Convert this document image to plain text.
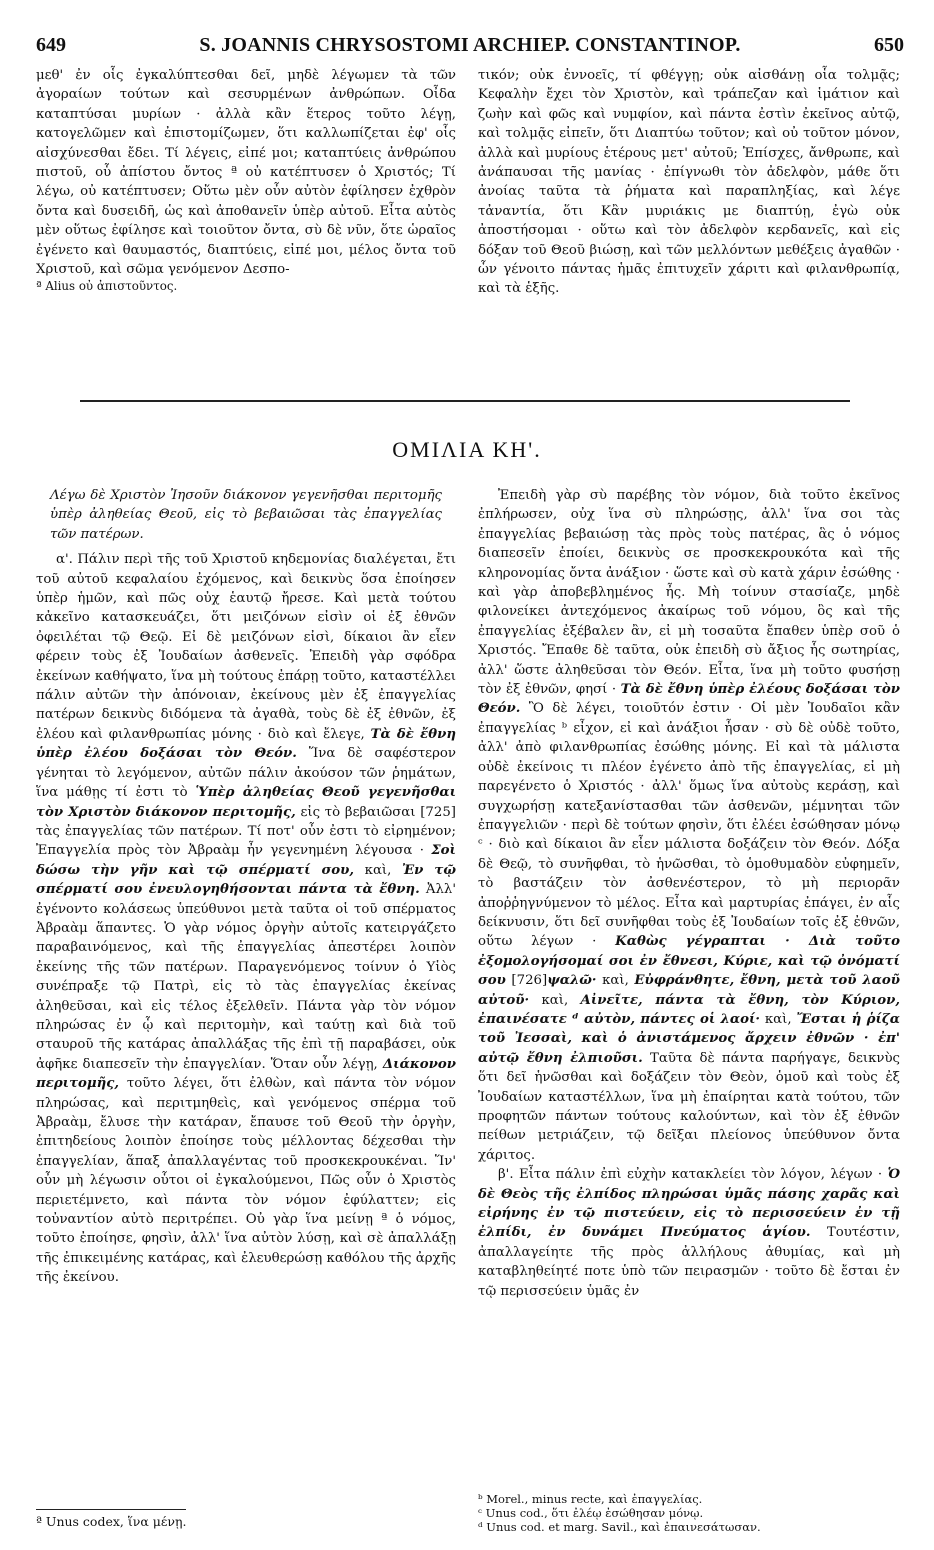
649	S. JOANNIS CHRYSOSTOMI ARCHIEP. CONSTANTINOP.	650

μεθ' ἐν οἷς ἐγκαλύπτεσθαι δεῖ, μηδὲ λέγωμεν τὰ τῶν ἀγοραίων τούτων καὶ σεσυρμένων ἀνθρώπων. Οἶδα καταπτύσαι μυρίων · ἀλλὰ κἂν ἕτερος τοῦτο λέγῃ, κατογελῶμεν καὶ ἐπιστομίζωμεν, ὅτι καλλωπίζεται ἐφ' οἷς αἰσχύνεσθαι ἔδει. Τί λέγεις, εἰπέ μοι; καταπτύεις ἀνθρώπου πιστοῦ, οὗ ἀπίστου ὄντος ª οὐ κατέπτυσεν ὁ Χριστός; Τί λέγω, οὐ κατέπτυσεν; Οὕτω μὲν οὖν αὐτὸν ἐφίλησεν ἐχθρὸν ὄντα καὶ δυσειδῆ, ὡς καὶ ἀποθανεῖν ὑπὲρ αὐτοῦ. Εἶτα αὐτὸς μὲν οὕτως ἐφίλησε καὶ τοιοῦτον ὄντα, σὺ δὲ νῦν, ὅτε ὡραῖος ἐγένετο καὶ θαυμαστός, διαπτύεις, εἰπέ μοι, μέλος ὄντα τοῦ Χριστοῦ, καὶ σῶμα γενόμενον Δεσπο-

ª Alius οὐ ἀπιστοῦντος.

τικόν; οὐκ ἐννοεῖς, τί φθέγγῃ; οὐκ αἰσθάνῃ οἷα τολμᾷς; Κεφαλὴν ἔχει τὸν Χριστὸν, καὶ τράπεζαν καὶ ἱμάτιον καὶ ζωὴν καὶ φῶς καὶ νυμφίον, καὶ πάντα ἐστὶν ἐκεῖνος αὐτῷ, καὶ τολμᾷς εἰπεῖν, ὅτι Διαπτύω τοῦτον; καὶ οὐ τοῦτον μόνον, ἀλλὰ καὶ μυρίους ἑτέρους μετ' αὐτοῦ; Ἐπίσχες, ἄνθρωπε, καὶ ἀνάπαυσαι τῆς μανίας · ἐπίγνωθι τὸν ἀδελφὸν, μάθε ὅτι ἀνοίας ταῦτα τὰ ῥήματα καὶ παραπληξίας, καὶ λέγε τἀναντία, ὅτι Κἂν μυριάκις με διαπτύῃ, ἐγὼ οὐκ ἀποστήσομαι · οὕτω καὶ τὸν ἀδελφὸν κερδανεῖς, καὶ εἰς δόξαν τοῦ Θεοῦ βιώσῃ, καὶ τῶν μελλόντων μεθέξεις ἀγαθῶν · ὧν γένοιτο πάντας ἡμᾶς ἐπιτυχεῖν χάριτι καὶ φιλανθρωπίᾳ, καὶ τὰ ἑξῆς.

ΟΜΙΛΙΑ ΚΗ'.

Λέγω δὲ Χριστὸν Ἰησοῦν διάκονον γεγενῆσθαι περιτομῆς ὑπὲρ ἀληθείας Θεοῦ, εἰς τὸ βεβαιῶσαι τὰς ἐπαγγελίας τῶν πατέρων.

α'. Πάλιν περὶ τῆς τοῦ Χριστοῦ κηδεμονίας διαλέγεται, ἔτι τοῦ αὐτοῦ κεφαλαίου ἐχόμενος, καὶ δεικνὺς ὅσα ἐποίησεν ὑπὲρ ἡμῶν, καὶ πῶς οὐχ ἑαυτῷ ἤρεσε. Καὶ μετὰ τούτου κἀκεῖνο κατασκευάζει, ὅτι μειζόνων εἰσὶν οἱ ἐξ ἐθνῶν ὀφειλέται τῷ Θεῷ. Εἰ δὲ μειζόνων εἰσὶ, δίκαιοι ἂν εἶεν φέρειν τοὺς ἐξ Ἰουδαίων ἀσθενεῖς. Ἐπειδὴ γὰρ σφόδρα ἐκείνων καθήψατο, ἵνα μὴ τούτους ἐπάρῃ τοῦτο, καταστέλλει πάλιν αὐτῶν τὴν ἀπόνοιαν, ἐκείνους μὲν ἐξ ἐπαγγελίας πατέρων δεικνὺς διδόμενα τὰ ἀγαθὰ, τοὺς δὲ ἐξ ἐθνῶν, ἐξ ἐλέου καὶ φιλανθρωπίας μόνης · διὸ καὶ ἔλεγε, Τὰ δὲ ἔθνη ὑπὲρ ἐλέου δοξάσαι τὸν Θεόν. Ἵνα δὲ σαφέστερον γένηται τὸ λεγόμενον, αὐτῶν πάλιν ἀκούσον τῶν ῥημάτων, ἵνα μάθῃς τί ἐστι τὸ Ὑπὲρ ἀληθείας Θεοῦ γεγενῆσθαι τὸν Χριστὸν διάκονον περιτομῆς, εἰς τὸ βεβαιῶσαι [725] τὰς ἐπαγγελίας τῶν πατέρων. Τί ποτ' οὖν ἐστι τὸ εἰρημένον; Ἐπαγγελία πρὸς τὸν Ἀβραὰμ ἦν γεγενημένη λέγουσα · Σοὶ δώσω τὴν γῆν καὶ τῷ σπέρματί σου, καὶ, Ἐν τῷ σπέρματί σου ἐνευλογηθήσονται πάντα τὰ ἔθνη. Ἀλλ' ἐγένοντο κολάσεως ὑπεύθυνοι μετὰ ταῦτα οἱ τοῦ σπέρματος Ἀβραὰμ ἅπαντες. Ὁ γὰρ νόμος ὀργὴν αὐτοῖς κατειργάζετο παραβαινόμενος, καὶ τῆς ἐπαγγελίας ἀπεστέρει λοιπὸν ἐκείνης τῆς τῶν πατέρων. Παραγενόμενος τοίνυν ὁ Υἱὸς συνέπραξε τῷ Πατρὶ, εἰς τὸ τὰς ἐπαγγελίας ἐκείνας ἀληθεῦσαι, καὶ εἰς τέλος ἐξελθεῖν. Πάντα γὰρ τὸν νόμον πληρώσας ἐν ᾧ καὶ περιτομὴν, καὶ ταύτῃ καὶ διὰ τοῦ σταυροῦ τῆς κατάρας ἀπαλλάξας τῆς ἐπὶ τῇ παραβάσει, οὐκ ἀφῆκε διαπεσεῖν τὴν ἐπαγγελίαν. Ὅταν οὖν λέγῃ, Διάκονον περιτομῆς, τοῦτο λέγει, ὅτι ἐλθὼν, καὶ πάντα τὸν νόμον πληρώσας, καὶ περιτμηθεὶς, καὶ γενόμενος σπέρμα τοῦ Ἀβραὰμ, ἔλυσε τὴν κατάραν, ἔπαυσε τοῦ Θεοῦ τὴν ὀργὴν, ἐπιτηδείους λοιπὸν ἐποίησε τοὺς μέλλοντας δέχεσθαι τὴν ἐπαγγελίαν, ἅπαξ ἀπαλλαγέντας τοῦ προσκεκρουκέναι. Ἵν' οὖν μὴ λέγωσιν οὗτοι οἱ ἐγκαλούμενοι, Πῶς οὖν ὁ Χριστὸς περιετέμνετο, καὶ πάντα τὸν νόμον ἐφύλαττεν; εἰς τοὐναντίον αὐτὸ περιτρέπει. Οὐ γὰρ ἵνα μείνῃ ª ὁ νόμος, τοῦτο ἐποίησε, φησὶν, ἀλλ' ἵνα αὐτὸν λύσῃ, καὶ σὲ ἀπαλλάξῃ τῆς ἐπικειμένης κατάρας, καὶ ἐλευθερώσῃ καθόλου τῆς ἀρχῆς τῆς ἐκείνου.

ª Unus codex, ἵνα μένῃ.

Ἐπειδὴ γὰρ σὺ παρέβης τὸν νόμον, διὰ τοῦτο ἐκεῖνος ἐπλήρωσεν, οὐχ ἵνα σὺ πληρώσῃς, ἀλλ' ἵνα σοι τὰς ἐπαγγελίας βεβαιώσῃ τὰς πρὸς τοὺς πατέρας, ἃς ὁ νόμος διαπεσεῖν ἐποίει, δεικνὺς σε προσκεκρουκότα καὶ τῆς κληρονομίας ὄντα ἀνάξιον · ὥστε καὶ σὺ κατὰ χάριν ἐσώθης · καὶ γὰρ ἀποβεβλημένος ἦς. Μὴ τοίνυν στασίαζε, μηδὲ φιλονείκει ἀντεχόμενος ἀκαίρως τοῦ νόμου, ὃς καὶ τῆς ἐπαγγελίας ἐξέβαλεν ἂν, εἰ μὴ τοσαῦτα ἔπαθεν ὑπὲρ σοῦ ὁ Χριστός. Ἔπαθε δὲ ταῦτα, οὐκ ἐπειδὴ σὺ ἄξιος ἧς σωτηρίας, ἀλλ' ὥστε ἀληθεῦσαι τὸν Θεόν. Εἶτα, ἵνα μὴ τοῦτο φυσήσῃ τὸν ἐξ ἐθνῶν, φησί · Τὰ δὲ ἔθνη ὑπὲρ ἐλέους δοξάσαι τὸν Θεόν. Ὃ δὲ λέγει, τοιοῦτόν ἐστιν · Οἱ μὲν Ἰουδαῖοι κἂν ἐπαγγελίας ᵇ εἶχον, εἰ καὶ ἀνάξιοι ἦσαν · σὺ δὲ οὐδὲ τοῦτο, ἀλλ' ἀπὸ φιλανθρωπίας ἐσώθης μόνης. Εἰ καὶ τὰ μάλιστα οὐδὲ ἐκείνοις τι πλέον ἐγένετο ἀπὸ τῆς ἐπαγγελίας, εἰ μὴ παρεγένετο ὁ Χριστός · ἀλλ' ὅμως ἵνα αὐτοὺς κεράσῃ, καὶ συγχωρήσῃ κατεξανίστασθαι τῶν ἀσθενῶν, μέμνηται τῶν ἐπαγγελιῶν · περὶ δὲ τούτων φησὶν, ὅτι ἐλέει ἐσώθησαν μόνῳ ᶜ · διὸ καὶ δίκαιοι ἂν εἶεν μάλιστα δοξάζειν τὸν Θεόν. Δόξα δὲ Θεῷ, τὸ συνῆφθαι, τὸ ἡνῶσθαι, τὸ ὁμοθυμαδὸν εὐφημεῖν, τὸ βαστάζειν τὸν ἀσθενέστερον, τὸ μὴ περιορᾶν ἀποῤῥηγνύμενον τὸ μέλος. Εἶτα καὶ μαρτυρίας ἐπάγει, ἐν αἷς δείκνυσιν, ὅτι δεῖ συνῆφθαι τοὺς ἐξ Ἰουδαίων τοῖς ἐξ ἐθνῶν, οὕτω λέγων · Καθὼς γέγραπται · Διὰ τοῦτο ἐξομολογήσομαί σοι ἐν ἔθνεσι, Κύριε, καὶ τῷ ὀνόματί σου [726]ψαλῶ· καὶ, Εὐφράνθητε, ἔθνη, μετὰ τοῦ λαοῦ αὐτοῦ· καὶ, Αἰνεῖτε, πάντα τὰ ἔθνη, τὸν Κύριον, ἐπαινέσατε ᵈ αὐτὸν, πάντες οἱ λαοί· καὶ, Ἔσται ἡ ῥίζα τοῦ Ἰεσσαὶ, καὶ ὁ ἀνιστάμενος ἄρχειν ἐθνῶν · ἐπ' αὐτῷ ἔθνη ἐλπιοῦσι. Ταῦτα δὲ πάντα παρήγαγε, δεικνὺς ὅτι δεῖ ἡνῶσθαι καὶ δοξάζειν τὸν Θεὸν, ὁμοῦ καὶ τοὺς ἐξ Ἰουδαίων καταστέλλων, ἵνα μὴ ἐπαίρηται κατὰ τούτου, τῶν προφητῶν πάντων τούτους καλούντων, καὶ τὸν ἐξ ἐθνῶν πείθων μετριάζειν, τῷ δεῖξαι πλείονος ὑπεύθυνον ὄντα χάριτος.

β'. Εἶτα πάλιν ἐπὶ εὐχὴν κατακλείει τὸν λόγον, λέγων · Ὁ δὲ Θεὸς τῆς ἐλπίδος πληρώσαι ὑμᾶς πάσης χαρᾶς καὶ εἰρήνης ἐν τῷ πιστεύειν, εἰς τὸ περισσεύειν ἐν τῇ ἐλπίδι, ἐν δυνάμει Πνεύματος ἁγίου. Τουτέστιν, ἀπαλλαγείητε τῆς πρὸς ἀλλήλους ἀθυμίας, καὶ μὴ καταβληθείητέ ποτε ὑπὸ τῶν πειρασμῶν · τοῦτο δὲ ἔσται ἐν τῷ περισσεύειν ὑμᾶς ἐν

ᵇ Morel., minus recte, καὶ ἐπαγγελίας.
ᶜ Unus cod., ὅτι ἐλέῳ ἐσώθησαν μόνῳ.
ᵈ Unus cod. et marg. Savil., καὶ ἐπαινεσάτωσαν.
